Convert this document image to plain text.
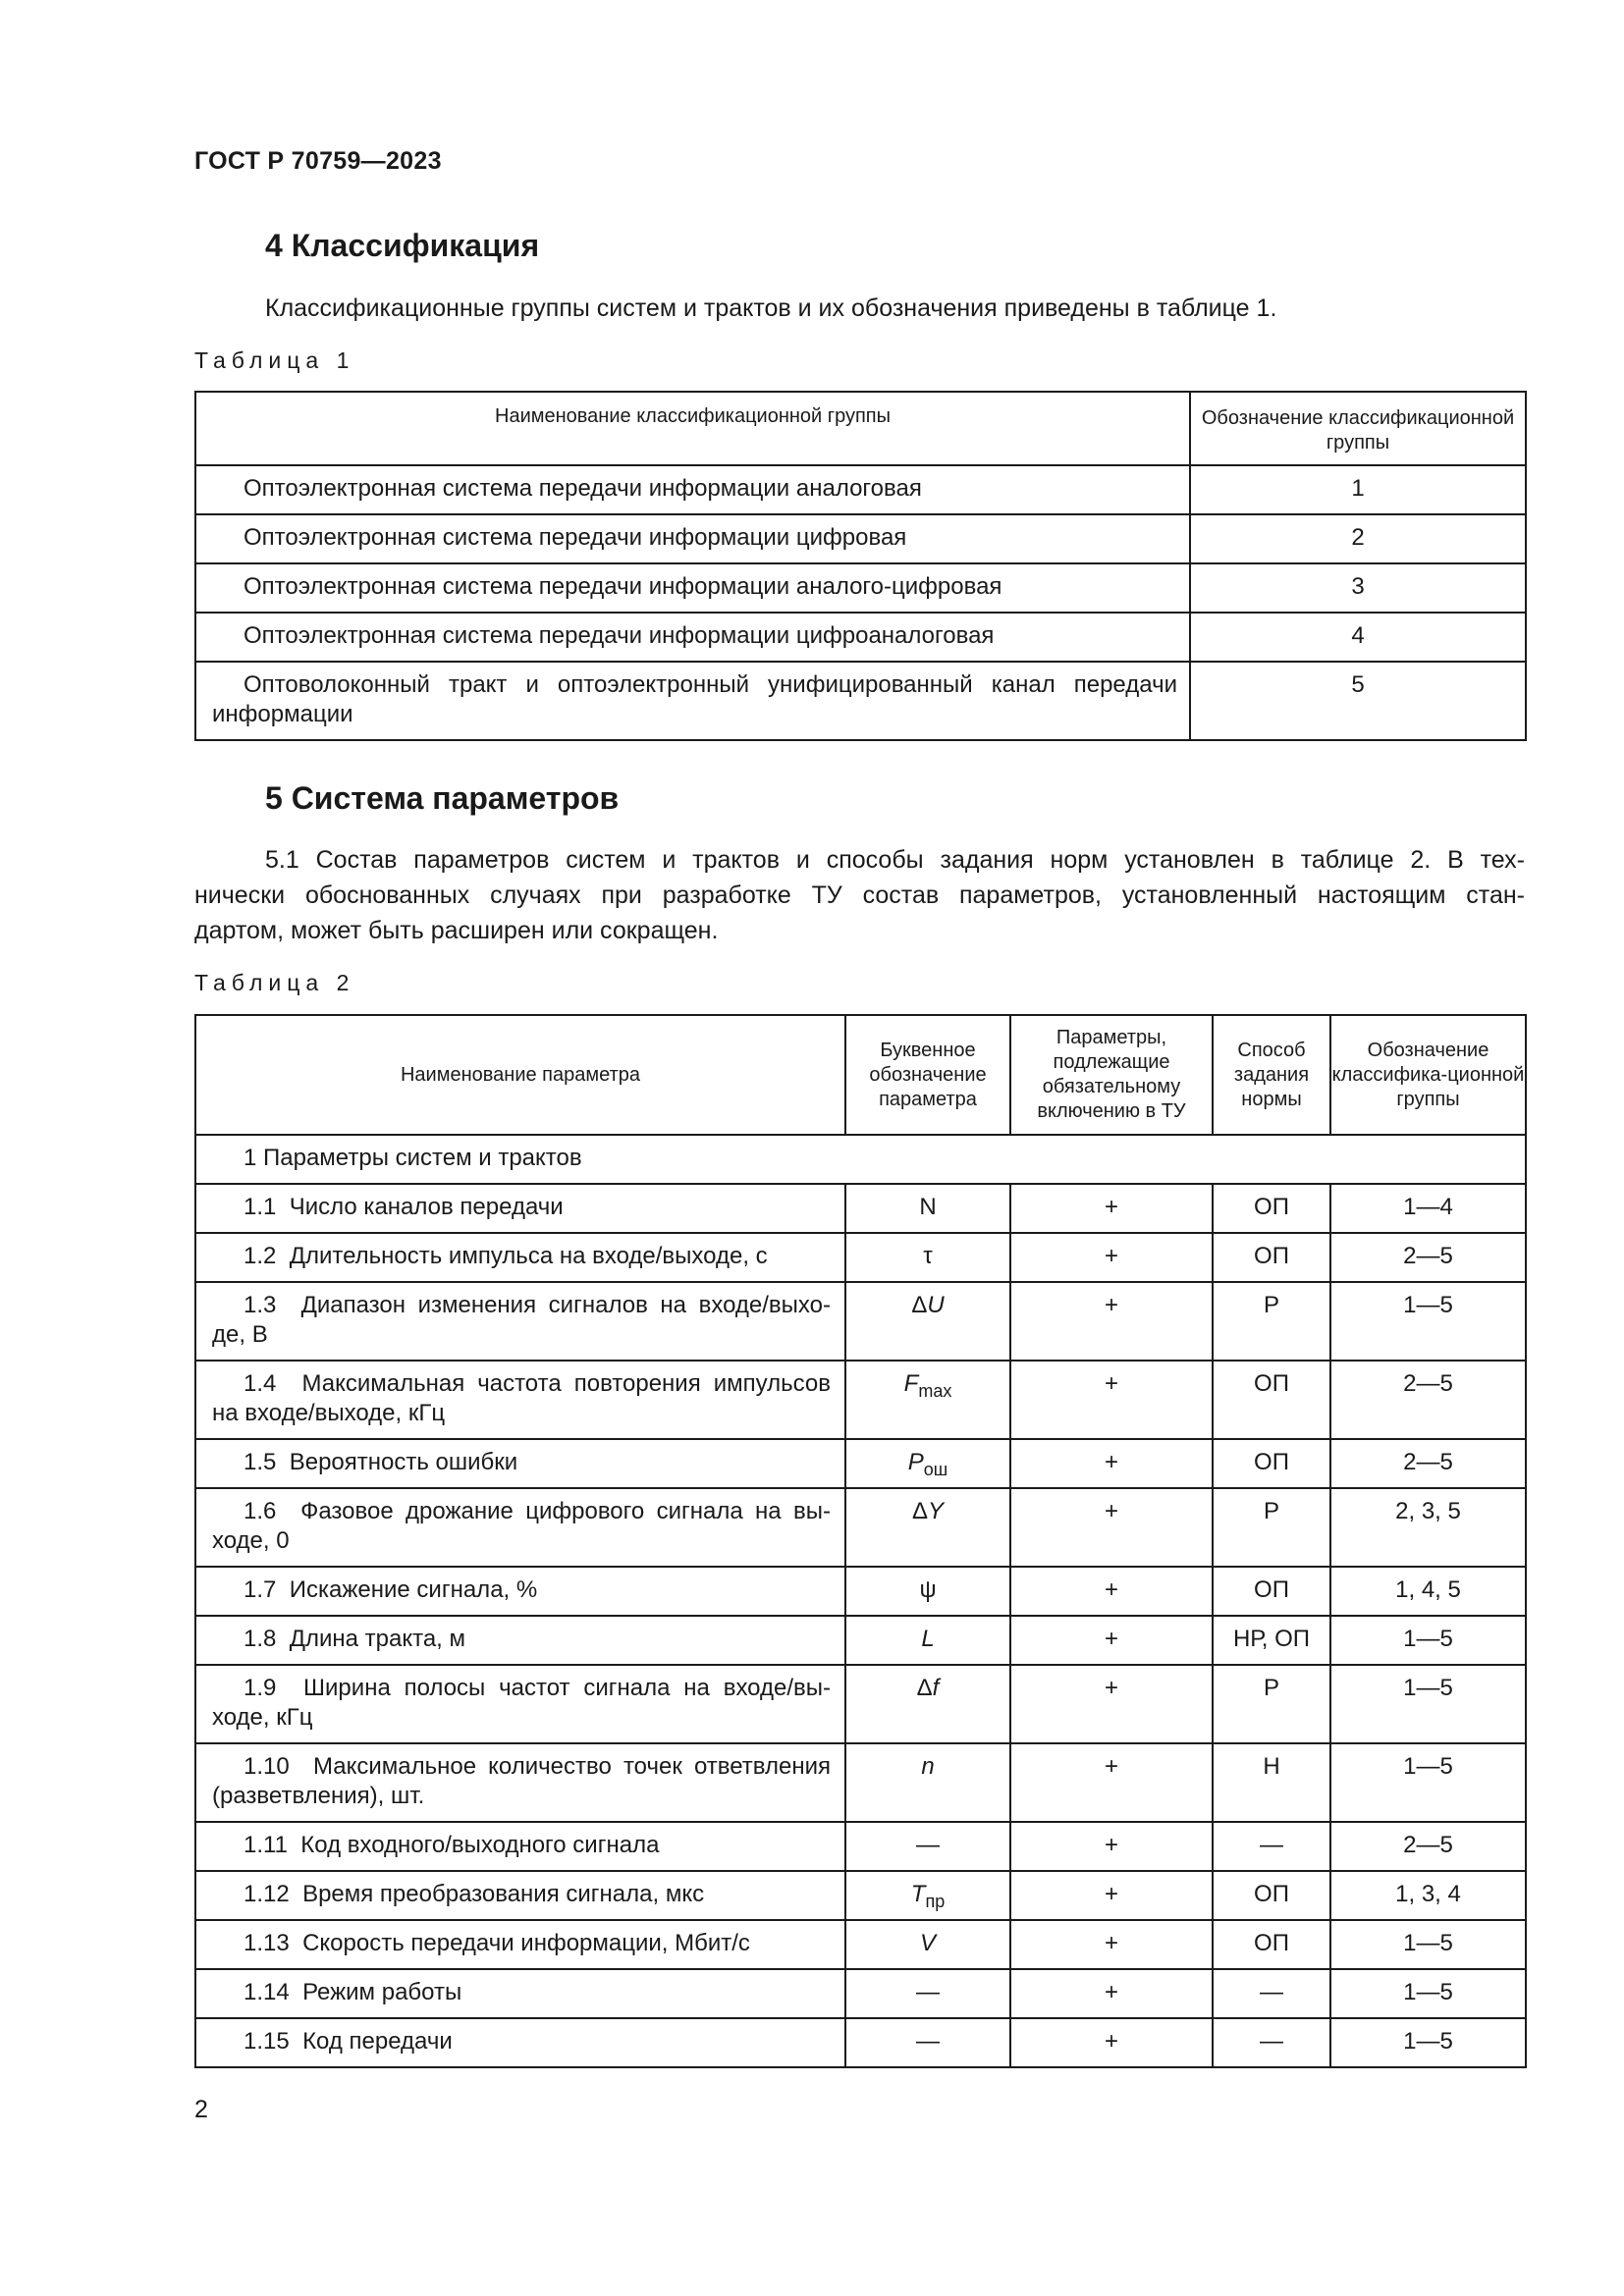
ГОСТ Р 70759—2023
4 Классификация
Классификационные группы систем и трактов и их обозначения приведены в таблице 1.
Таблица 1
Наименование классификационной группы	Обозначение классификационной группы
Оптоэлектронная система передачи информации аналоговая	1
Оптоэлектронная система передачи информации цифровая	2
Оптоэлектронная система передачи информации аналого-цифровая	3
Оптоэлектронная система передачи информации цифроаналоговая	4

Оптоволоконный тракт и оптоэлектронный унифицированный канал передачи
информации	5
5 Система параметров
5.1 Состав параметров систем и трактов и способы задания норм установлен в таблице 2. В тех-
нически обоснованных случаях при разработке ТУ состав параметров, установленный настоящим стан-
дартом, может быть расширен или сокращен.
Таблица 2
Наименование параметра	Буквенное обозначение параметра	Параметры, подлежащие обязательному включению в ТУ	Способ задания нормы	Обозначение классифика-ционной группы
1 Параметры систем и трактов				
1.1 Число каналов передачи	N	+	ОП	1—4
1.2 Длительность импульса на входе/выходе, с	τ	+	ОП	2—5

1.3 Диапазон изменения сигналов на входе/выхо-
де, В	ΔU	+	Р	1—5

1.4 Максимальная частота повторения импульсов
на входе/выходе, кГц	$F_{max}$	+	ОП	2—5
1.5 Вероятность ошибки	$P_{ош}$	+	ОП	2—5

1.6 Фазовое дрожание цифрового сигнала на вы-
ходе, 0	ΔY	+	Р	2, 3, 5
1.7 Искажение сигнала, %	ψ	+	ОП	1, 4, 5
1.8 Длина тракта, м	L	+	НР, ОП	1—5

1.9 Ширина полосы частот сигнала на входе/вы-
ходе, кГц	Δf	+	Р	1—5

1.10 Максимальное количество точек ответвления
(разветвления), шт.	n	+	Н	1—5
1.11 Код входного/выходного сигнала	—	+	—	2—5
1.12 Время преобразования сигнала, мкс	$T_{пр}$	+	ОП	1, 3, 4
1.13 Скорость передачи информации, Мбит/с	V	+	ОП	1—5
1.14 Режим работы	—	+	—	1—5
1.15 Код передачи	—	+	—	1—5
2
